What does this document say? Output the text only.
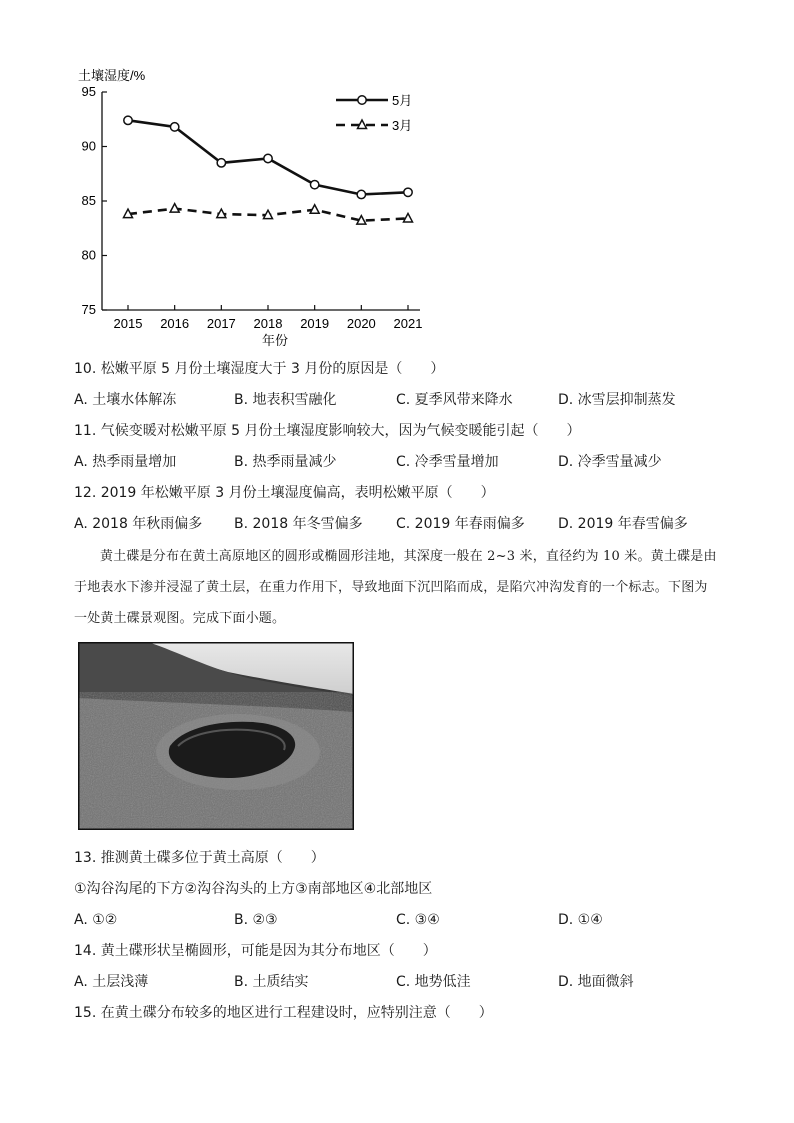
土壤湿度/%
年份
75
80
85
90
95
2015 2016 2017 2018 2019 2020 2021
5月
3月
10. 松嫩平原 5 月份土壤湿度大于 3 月份的原因是（　　）
A. 土壤水体解冻	B. 地表积雪融化	C. 夏季风带来降水	D. 冰雪层抑制蒸发
11. 气候变暖对松嫩平原 5 月份土壤湿度影响较大，因为气候变暖能引起（　　）
A. 热季雨量增加	B. 热季雨量减少	C. 冷季雪量增加	D. 冷季雪量减少
12. 2019 年松嫩平原 3 月份土壤湿度偏高，表明松嫩平原（　　）
A. 2018 年秋雨偏多 B. 2018 年冬雪偏多 C. 2019 年春雨偏多 D. 2019 年春雪偏多
黄土碟是分布在黄土高原地区的圆形或椭圆形洼地，其深度一般在 2~3 米，直径约为 10 米。黄土碟是由于地表水下渗并浸湿了黄土层，在重力作用下，导致地面下沉凹陷而成，是陷穴冲沟发育的一个标志。下图为一处黄土碟景观图。完成下面小题。
13. 推测黄土碟多位于黄土高原（　　）
①沟谷沟尾的下方②沟谷沟头的上方③南部地区④北部地区
A. ①②	B. ②③	C. ③④	D. ①④
14. 黄土碟形状呈椭圆形，可能是因为其分布地区（　　）
A. 土层浅薄	B. 土质结实	C. 地势低洼	D. 地面微斜
15. 在黄土碟分布较多的地区进行工程建设时，应特别注意（　　）
